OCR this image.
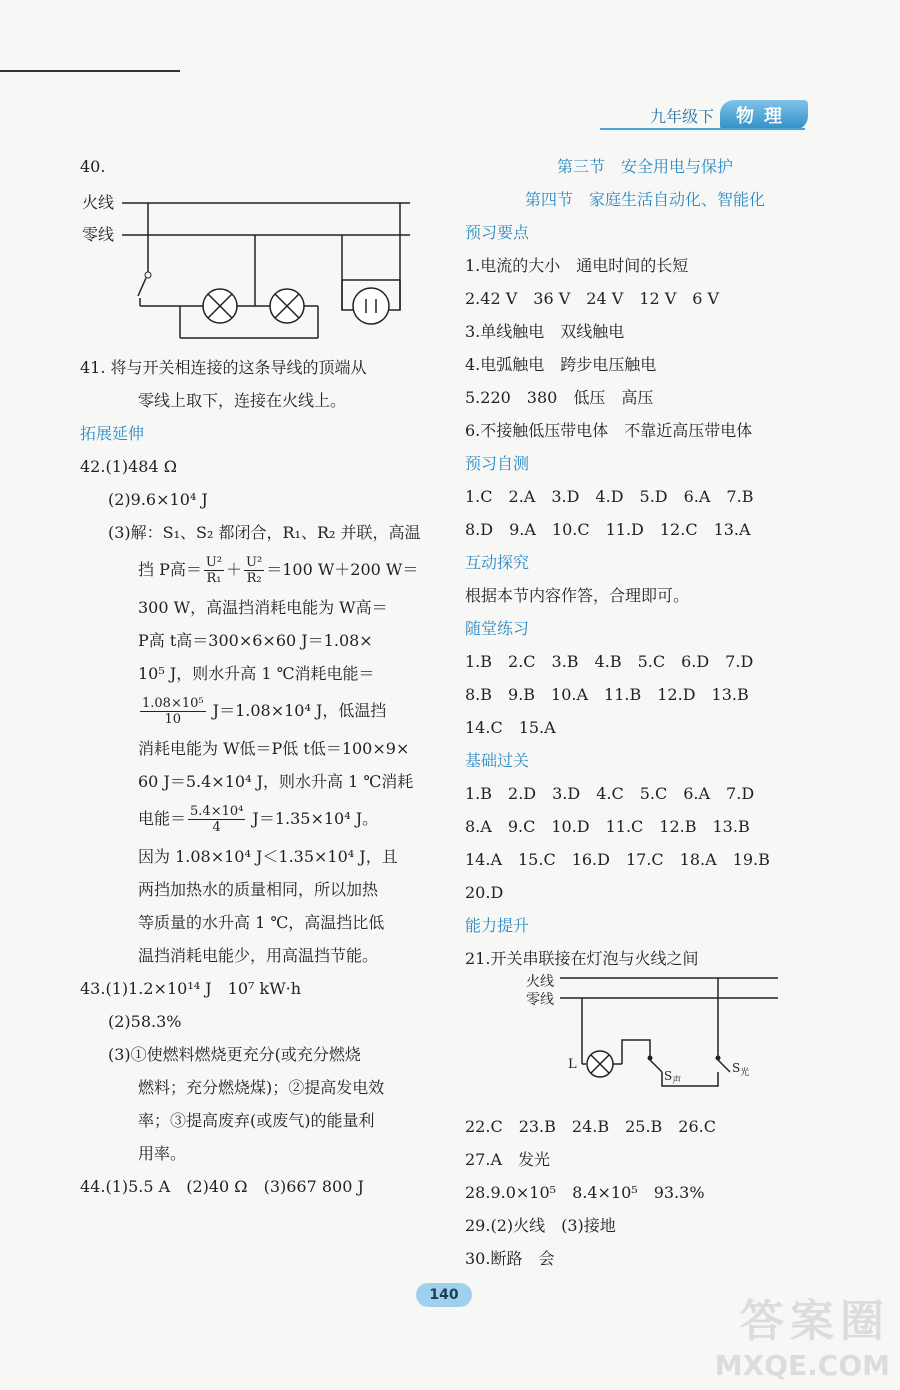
九年级下	物理
40.
41. 将与开关相连接的这条导线的顶端从
零线上取下，连接在火线上。
拓展延伸
42.(1)484 Ω
(2)9.6×10⁴ J
(3)解：S₁、S₂ 都闭合，R₁、R₂ 并联，高温
挡 P高＝ $\frac{\text{U²}}{\text{R₁}} + \frac{\text{U²}}{\text{R₂}} =100$ W＋200 W＝
300 W，高温挡消耗电能为 W高＝
P高 t高＝300×6×60 J＝1.08×
10⁵ J，则水升高 1 ℃消耗电能＝
$\frac{\text{1.08×10⁵}}{10} J=1.08\times 10^4$ J，低温挡
消耗电能为 W低＝P低 t低＝100×9×
60 J＝5.4×10⁴ J，则水升高 1 ℃消耗
电能＝ $\frac{\text{5.4×10⁴}}{4} J=1.35\times 10^4$ J。
因为 1.08×10⁴ J＜1.35×10⁴ J，且
两挡加热水的质量相同，所以加热
等质量的水升高 1 ℃，高温挡比低
温挡消耗电能少，用高温挡节能。
43.(1)1.2×10¹⁴ J　10⁷ kW·h
(2)58.3%
(3)①使燃料燃烧更充分(或充分燃烧
燃料；充分燃烧煤)；②提高发电效
率；③提高废弃(或废气)的能量利
用率。
44.(1)5.5 A　(2)40 Ω　(3)667 800 J
火线
零线
第三节　安全用电与保护
第四节　家庭生活自动化、智能化
预习要点
1.电流的大小　通电时间的长短
2.42 V　36 V　24 V　12 V　6 V
3.单线触电　双线触电
4.电弧触电　跨步电压触电
5.220　380　低压　高压
6.不接触低压带电体　不靠近高压带电体
预习自测
1.C　2.A　3.D　4.D　5.D　6.A　7.B
8.D　9.A　10.C　11.D　12.C　13.A
互动探究
根据本节内容作答，合理即可。
随堂练习
1.B　2.C　3.B　4.B　5.C　6.D　7.D
8.B　9.B　10.A　11.B　12.D　13.B
14.C　15.A
基础过关
1.B　2.D　3.D　4.C　5.C　6.A　7.D
8.A　9.C　10.D　11.C　12.B　13.B
14.A　15.C　16.D　17.C　18.A　19.B
20.D
能力提升
21.开关串联接在灯泡与火线之间
22.C　23.B　24.B　25.B　26.C
27.A　发光
28.9.0×10⁵　8.4×10⁵　93.3%
29.(2)火线　(3)接地
30.断路　会
火线
零线
L
$S_声$
$S_光$
140
答案圈
MXQE.COM
